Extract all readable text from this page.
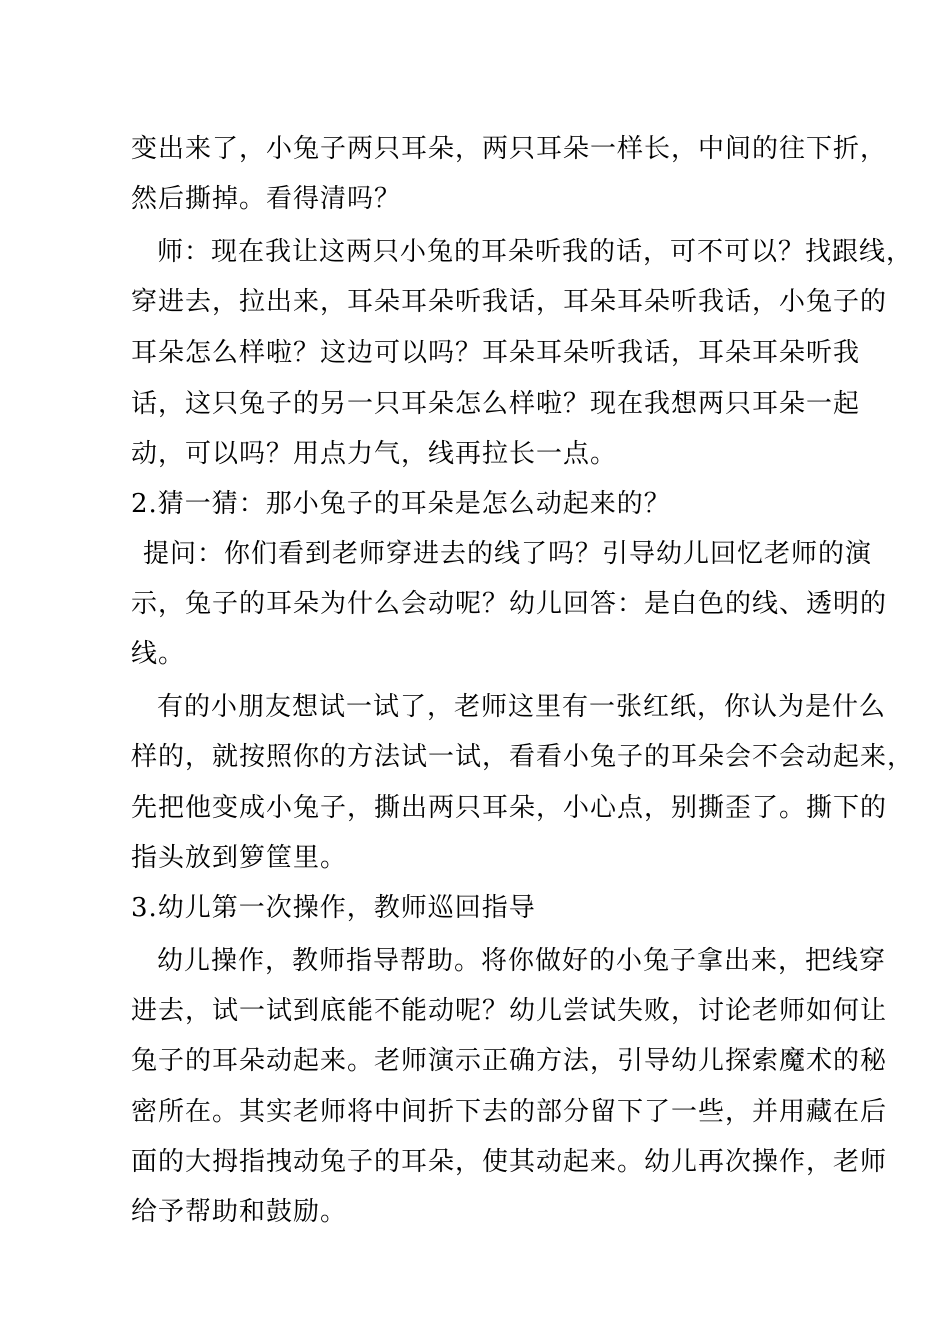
变出来了，小兔子两只耳朵，两只耳朵一样长，中间的往下折，
然后撕掉。看得清吗？
师：现在我让这两只小兔的耳朵听我的话，可不可以？找跟线，
穿进去，拉出来，耳朵耳朵听我话，耳朵耳朵听我话，小兔子的
耳朵怎么样啦？这边可以吗？耳朵耳朵听我话，耳朵耳朵听我
话，这只兔子的另一只耳朵怎么样啦？现在我想两只耳朵一起
动，可以吗？用点力气，线再拉长一点。
2.猜一猜：那小兔子的耳朵是怎么动起来的？
提问：你们看到老师穿进去的线了吗？引导幼儿回忆老师的演
示，兔子的耳朵为什么会动呢？幼儿回答：是白色的线、透明的
线。
有的小朋友想试一试了，老师这里有一张红纸，你认为是什么
样的，就按照你的方法试一试，看看小兔子的耳朵会不会动起来，
先把他变成小兔子，撕出两只耳朵，小心点，别撕歪了。撕下的
指头放到箩筐里。
3.幼儿第一次操作，教师巡回指导
幼儿操作，教师指导帮助。将你做好的小兔子拿出来，把线穿
进去，试一试到底能不能动呢？幼儿尝试失败，讨论老师如何让
兔子的耳朵动起来。老师演示正确方法，引导幼儿探索魔术的秘
密所在。其实老师将中间折下去的部分留下了一些，并用藏在后
面的大拇指拽动兔子的耳朵，使其动起来。幼儿再次操作，老师
给予帮助和鼓励。
